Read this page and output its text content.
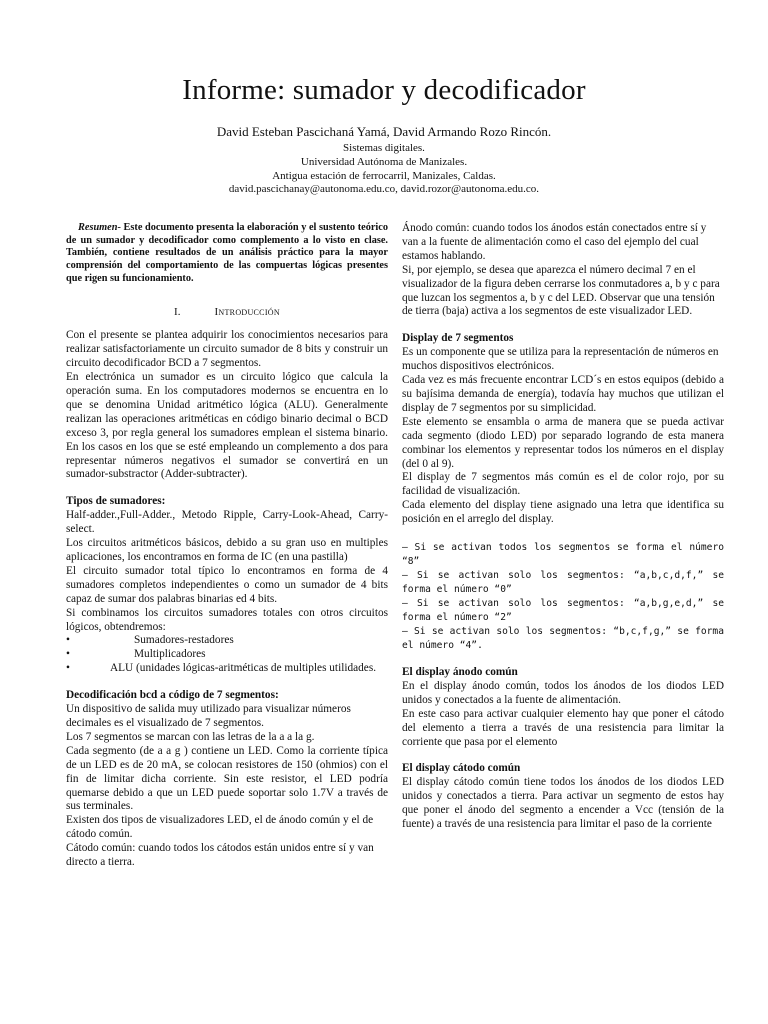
Informe: sumador y decodificador
David Esteban Pascichaná Yamá, David Armando Rozo Rincón.
Sistemas digitales.
Universidad Autónoma de Manizales.
Antigua estación de ferrocarril, Manizales, Caldas.
david.pascichanay@autonoma.edu.co, david.rozor@autonoma.edu.co.

Resumen- Este documento presenta la elaboración y el sustento teórico de un sumador y decodificador como complemento a lo visto en clase. También, contiene resultados de un análisis práctico para la mayor comprensión del comportamiento de las compuertas lógicas presentes que rigen su funcionamiento.

I.	Introducción

Con el presente se plantea adquirir los conocimientos necesarios para realizar satisfactoriamente un circuito sumador de 8 bits y construir un circuito decodificador BCD a 7 segmentos.

En electrónica un sumador es un circuito lógico que calcula la operación suma. En los computadores modernos se encuentra en lo que se denomina Unidad aritmético lógica (ALU). Generalmente realizan las operaciones aritméticas en código binario decimal o BCD exceso 3, por regla general los sumadores emplean el sistema binario. En los casos en los que se esté empleando un complemento a dos para representar números negativos el sumador se convertirá en un sumador-substractor (Adder-subtracter).

Tipos de sumadores:

Half-adder.,Full-Adder., Metodo Ripple, Carry-Look-Ahead, Carry-select.

Los circuitos aritméticos básicos, debido a su gran uso en multiples aplicaciones, los encontramos en forma de IC (en una pastilla)

El circuito sumador total típico lo encontramos en forma de 4 sumadores completos independientes o como un sumador de 4 bits capaz de sumar dos palabras binarias ed 4 bits.

Si combinamos los circuitos sumadores totales con otros circuitos lógicos, obtendremos:

•	Sumadores-restadores
•	Multiplicadores
•	ALU (unidades lógicas-aritméticas de multiples utilidades.

Decodificación bcd a código de 7 segmentos:

Un dispositivo de salida muy utilizado para visualizar números decimales es el visualizado de 7 segmentos.

Los 7 segmentos se marcan con las letras de la a a la g.

Cada segmento (de a a g ) contiene un LED. Como la corriente típica de un LED es de 20 mA, se colocan resistores de 150 (ohmios) con el fin de limitar dicha corriente. Sin este resistor, el LED podría quemarse debido a que un LED puede soportar solo 1.7V a través de sus terminales.

Existen dos tipos de visualizadores LED, el de ánodo común y el de cátodo común.

Cátodo común: cuando todos los cátodos están unidos entre sí y van directo a tierra.

Ánodo común: cuando todos los ánodos están conectados entre sí y van a la fuente de alimentación como el caso del ejemplo del cual estamos hablando.

Si, por ejemplo, se desea que aparezca el número decimal 7 en el visualizador de la figura deben cerrarse los conmutadores a, b y c para que luzcan los segmentos a, b y c del LED. Observar que una tensión de tierra (baja) activa a los segmentos de este visualizador LED.

Display de 7 segmentos

Es un componente que se utiliza para la representación de números en muchos dispositivos electrónicos.

Cada vez es más frecuente encontrar LCD´s en estos equipos (debido a su bajísima demanda de energía), todavía hay muchos que utilizan el display de 7 segmentos por su simplicidad.

Este elemento se ensambla o arma de manera que se pueda activar cada segmento (diodo LED) por separado logrando de esta manera combinar los elementos y representar todos los números en el display (del 0 al 9).

El display de 7 segmentos más común es el de color rojo, por su facilidad de visualización.

Cada elemento del display tiene asignado una letra que identifica su posición en el arreglo del display.

– Si se activan todos los segmentos se forma el número “8”

– Si se activan solo los segmentos: “a,b,c,d,f,” se forma el número “0”

– Si se activan solo los segmentos: “a,b,g,e,d,” se forma el número “2”

– Si se activan solo los segmentos: “b,c,f,g,” se forma el número “4”.

El display ánodo común

En el display ánodo común, todos los ánodos de los diodos LED unidos y conectados a la fuente de alimentación.

En este caso para activar cualquier elemento hay que poner el cátodo del elemento a tierra a través de una resistencia para limitar la corriente que pasa por el elemento

El display cátodo común

El display cátodo común tiene todos los ánodos de los diodos LED unidos y conectados a tierra. Para activar un segmento de estos hay que poner el ánodo del segmento a encender a Vcc (tensión de la fuente) a través de una resistencia para limitar el paso de la corriente
